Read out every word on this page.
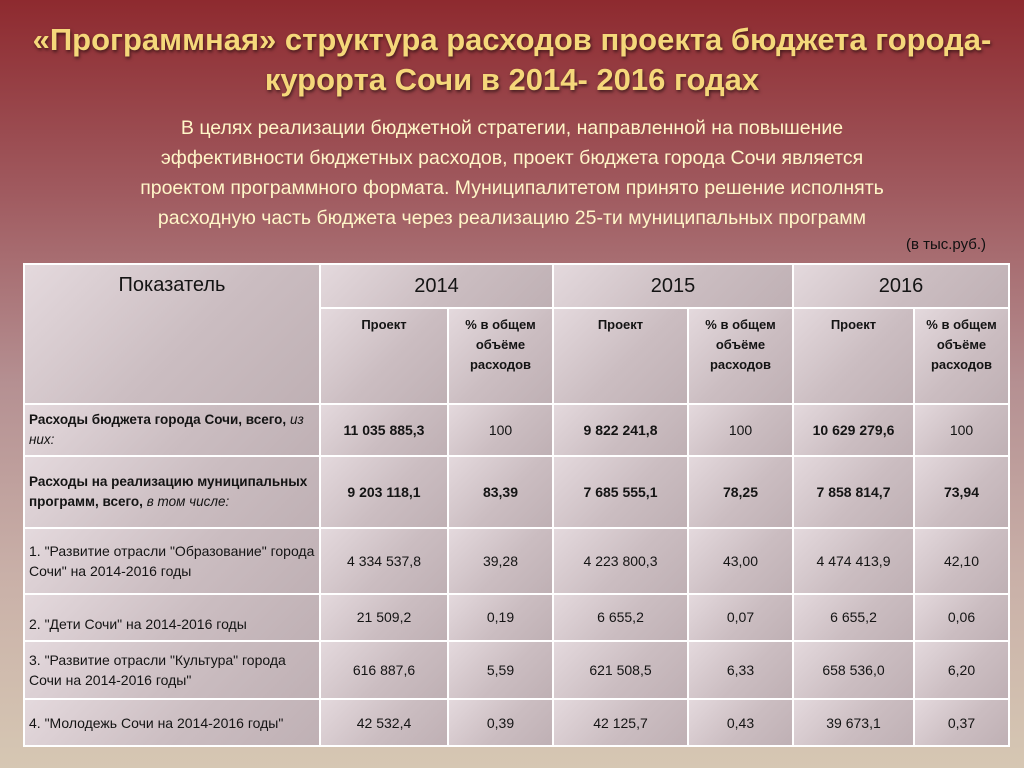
«Программная» структура расходов проекта бюджета города-
курорта Сочи в 2014- 2016 годах
В целях реализации бюджетной стратегии, направленной на повышение
эффективности бюджетных расходов, проект бюджета города Сочи является
проектом программного формата. Муниципалитетом принято решение исполнять
расходную часть бюджета через реализацию 25-ти муниципальных программ
(в тыс.руб.)
Показатель	2014		2015		2016	
	Проект	% в общем объёме расходов	Проект	% в общем объёме расходов	Проект	% в общем объёме расходов
Расходы бюджета города Сочи, всего, из них:	11 035 885,3	100	9 822 241,8	100	10 629 279,6	100
Расходы на реализацию муниципальных программ, всего, в том числе:	9 203 118,1	83,39	7 685 555,1	78,25	7 858 814,7	73,94
1. "Развитие отрасли "Образование" города Сочи" на 2014-2016 годы	4 334 537,8	39,28	4 223 800,3	43,00	4 474 413,9	42,10
2. "Дети Сочи" на 2014-2016 годы	21 509,2	0,19	6 655,2	0,07	6 655,2	0,06
3. "Развитие отрасли "Культура" города Сочи на 2014-2016 годы"	616 887,6	5,59	621 508,5	6,33	658 536,0	6,20
4. "Молодежь Сочи на 2014-2016 годы"	42 532,4	0,39	42 125,7	0,43	39 673,1	0,37
